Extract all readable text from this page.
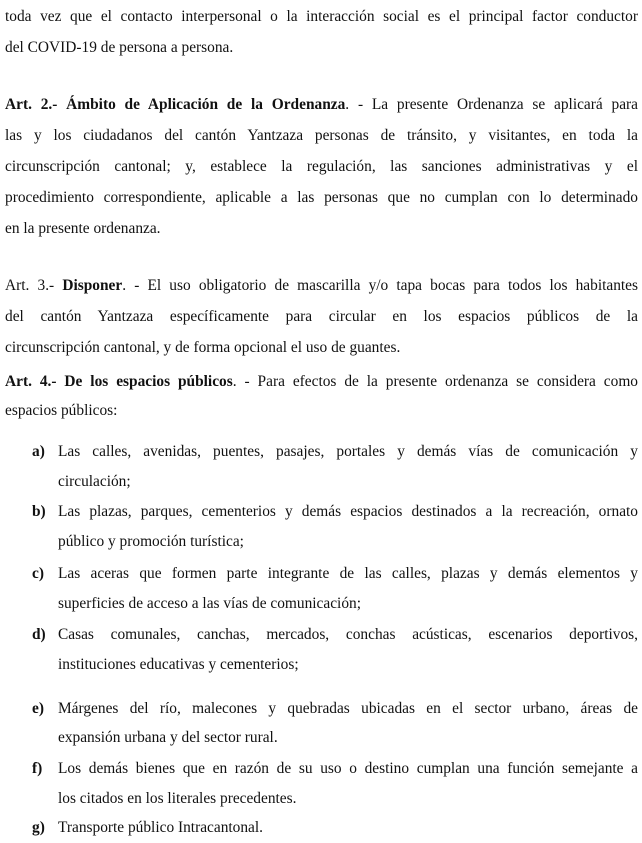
toda vez que el contacto interpersonal o la interacción social es el principal factor conductor
del COVID-19 de persona a persona.
Art. 2.- Ámbito de Aplicación de la Ordenanza. - La presente Ordenanza se aplicará para
las y los ciudadanos del cantón Yantzaza personas de tránsito, y visitantes, en toda la
circunscripción cantonal; y, establece la regulación, las sanciones administrativas y el
procedimiento correspondiente, aplicable a las personas que no cumplan con lo determinado
en la presente ordenanza.
Art. 3.- Disponer. - El uso obligatorio de mascarilla y/o tapa bocas para todos los habitantes
del cantón Yantzaza específicamente para circular en los espacios públicos de la
circunscripción cantonal, y de forma opcional el uso de guantes.
Art. 4.- De los espacios públicos. - Para efectos de la presente ordenanza se considera como
espacios públicos:
a) Las calles, avenidas, puentes, pasajes, portales y demás vías de comunicación y
circulación;
b) Las plazas, parques, cementerios y demás espacios destinados a la recreación, ornato
público y promoción turística;
c) Las aceras que formen parte integrante de las calles, plazas y demás elementos y
superficies de acceso a las vías de comunicación;
d) Casas comunales, canchas, mercados, conchas acústicas, escenarios deportivos,
instituciones educativas y cementerios;
e) Márgenes del río, malecones y quebradas ubicadas en el sector urbano, áreas de
expansión urbana y del sector rural.
f) Los demás bienes que en razón de su uso o destino cumplan una función semejante a
los citados en los literales precedentes.
g) Transporte público Intracantonal.
